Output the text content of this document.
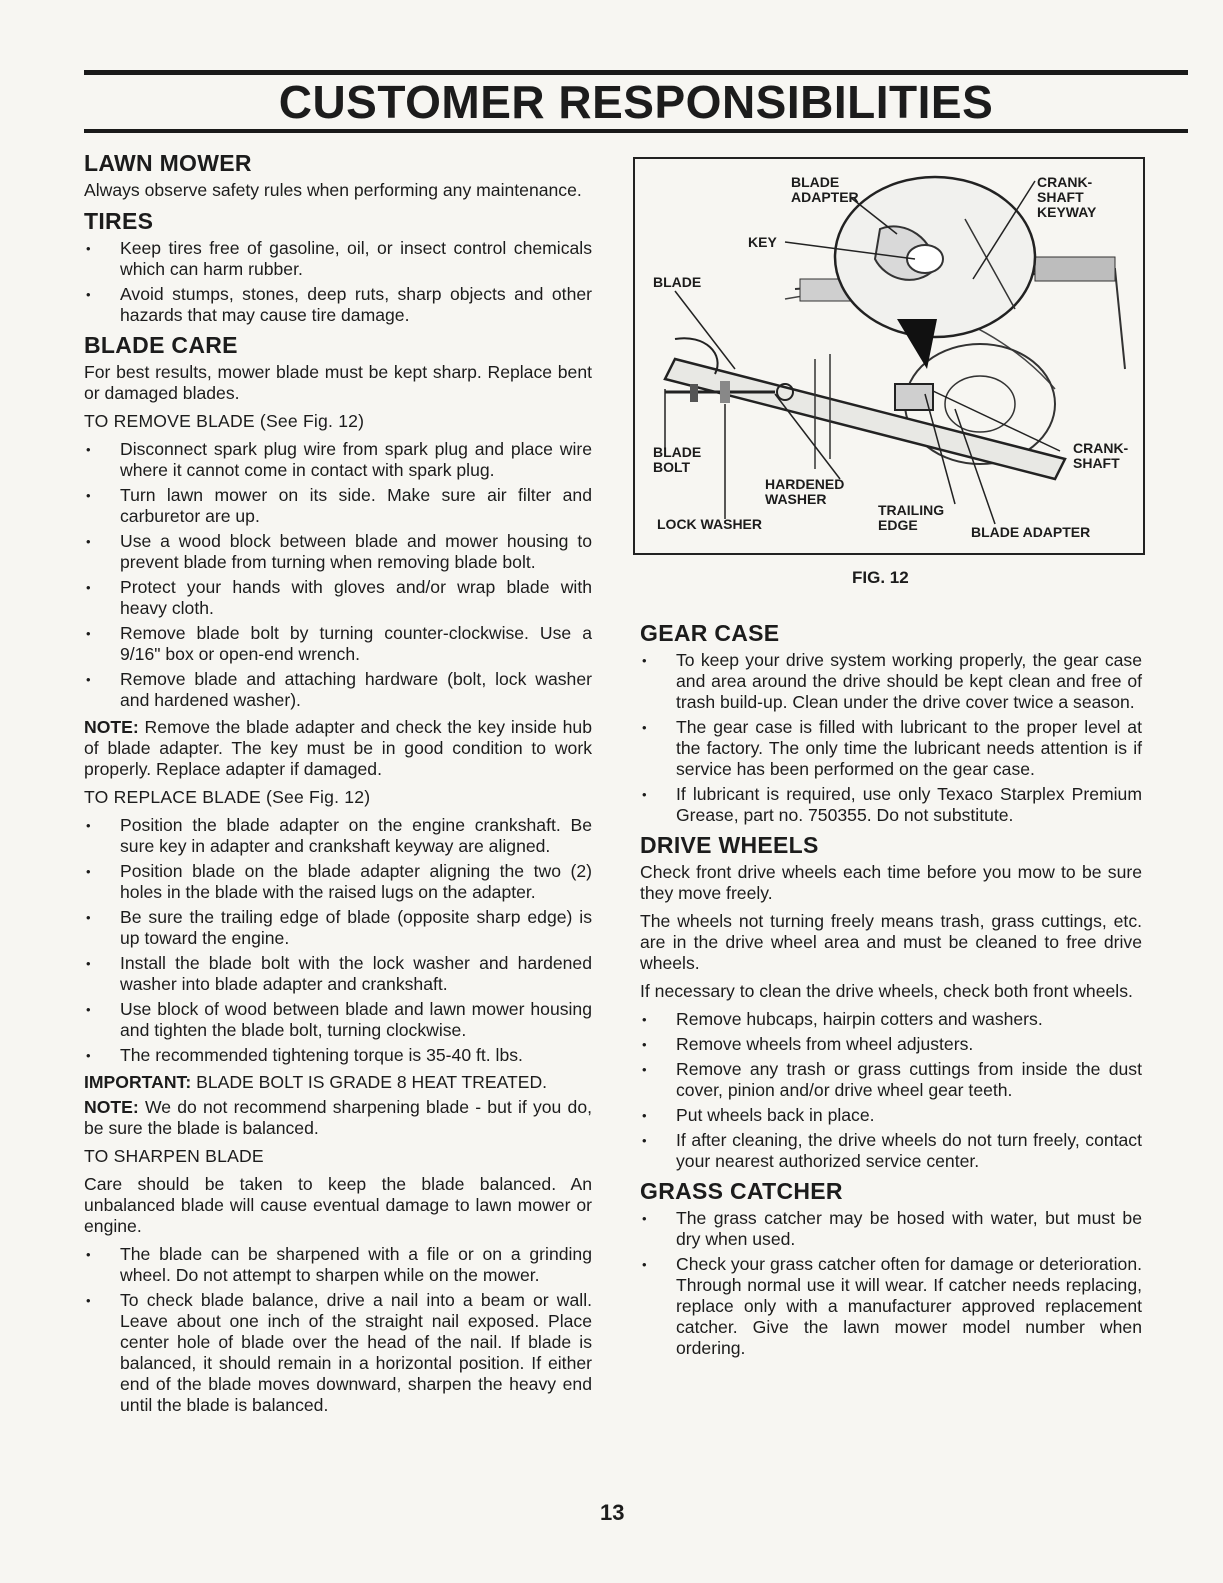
CUSTOMER RESPONSIBILITIES
LAWN MOWER

Always observe safety rules when performing any maintenance.

TIRES
• Keep tires free of gasoline, oil, or insect control chemicals which can harm rubber.
• Avoid stumps, stones, deep ruts, sharp objects and other hazards that may cause tire damage.
BLADE CARE

For best results, mower blade must be kept sharp. Replace bent or damaged blades.

TO REMOVE BLADE (See Fig. 12)

• Disconnect spark plug wire from spark plug and place wire where it cannot come in contact with spark plug.
• Turn lawn mower on its side. Make sure air filter and carburetor are up.
• Use a wood block between blade and mower housing to prevent blade from turning when removing blade bolt.
• Protect your hands with gloves and/or wrap blade with heavy cloth.
• Remove blade bolt by turning counter-clockwise. Use a 9/16" box or open-end wrench.
• Remove blade and attaching hardware (bolt, lock washer and hardened washer).

NOTE: Remove the blade adapter and check the key inside hub of blade adapter. The key must be in good condition to work properly. Replace adapter if damaged.

TO REPLACE BLADE (See Fig. 12)

• Position the blade adapter on the engine crankshaft. Be sure key in adapter and crankshaft keyway are aligned.
• Position blade on the blade adapter aligning the two (2) holes in the blade with the raised lugs on the adapter.
• Be sure the trailing edge of blade (opposite sharp edge) is up toward the engine.
• Install the blade bolt with the lock washer and hardened washer into blade adapter and crankshaft.
• Use block of wood between blade and lawn mower housing and tighten the blade bolt, turning clockwise.
• The recommended tightening torque is 35-40 ft. lbs.

IMPORTANT: BLADE BOLT IS GRADE 8 HEAT TREATED.

NOTE: We do not recommend sharpening blade - but if you do, be sure the blade is balanced.

TO SHARPEN BLADE

Care should be taken to keep the blade balanced. An unbalanced blade will cause eventual damage to lawn mower or engine.

• The blade can be sharpened with a file or on a grinding wheel. Do not attempt to sharpen while on the mower.
• To check blade balance, drive a nail into a beam or wall. Leave about one inch of the straight nail exposed. Place center hole of blade over the head of the nail. If blade is balanced, it should remain in a horizontal position. If either end of the blade moves downward, sharpen the heavy end until the blade is balanced.
BLADE
ADAPTER
CRANK-
SHAFT
KEYWAY
KEY
BLADE
BLADE
BOLT
HARDENED
WASHER
CRANK-
SHAFT
TRAILING
EDGE
LOCK WASHER	BLADE ADAPTER
FIG. 12
GEAR CASE
• To keep your drive system working properly, the gear case and area around the drive should be kept clean and free of trash build-up. Clean under the drive cover twice a season.
• The gear case is filled with lubricant to the proper level at the factory. The only time the lubricant needs attention is if service has been performed on the gear case.
• If lubricant is required, use only Texaco Starplex Premium Grease, part no. 750355. Do not substitute.
DRIVE WHEELS

Check front drive wheels each time before you mow to be sure they move freely.

The wheels not turning freely means trash, grass cuttings, etc. are in the drive wheel area and must be cleaned to free drive wheels.

If necessary to clean the drive wheels, check both front wheels.

• Remove hubcaps, hairpin cotters and washers.
• Remove wheels from wheel adjusters.
• Remove any trash or grass cuttings from inside the dust cover, pinion and/or drive wheel gear teeth.
• Put wheels back in place.
• If after cleaning, the drive wheels do not turn freely, contact your nearest authorized service center.
GRASS CATCHER
• The grass catcher may be hosed with water, but must be dry when used.
• Check your grass catcher often for damage or deterioration. Through normal use it will wear. If catcher needs replacing, replace only with a manufacturer approved replacement catcher. Give the lawn mower model number when ordering.
13
